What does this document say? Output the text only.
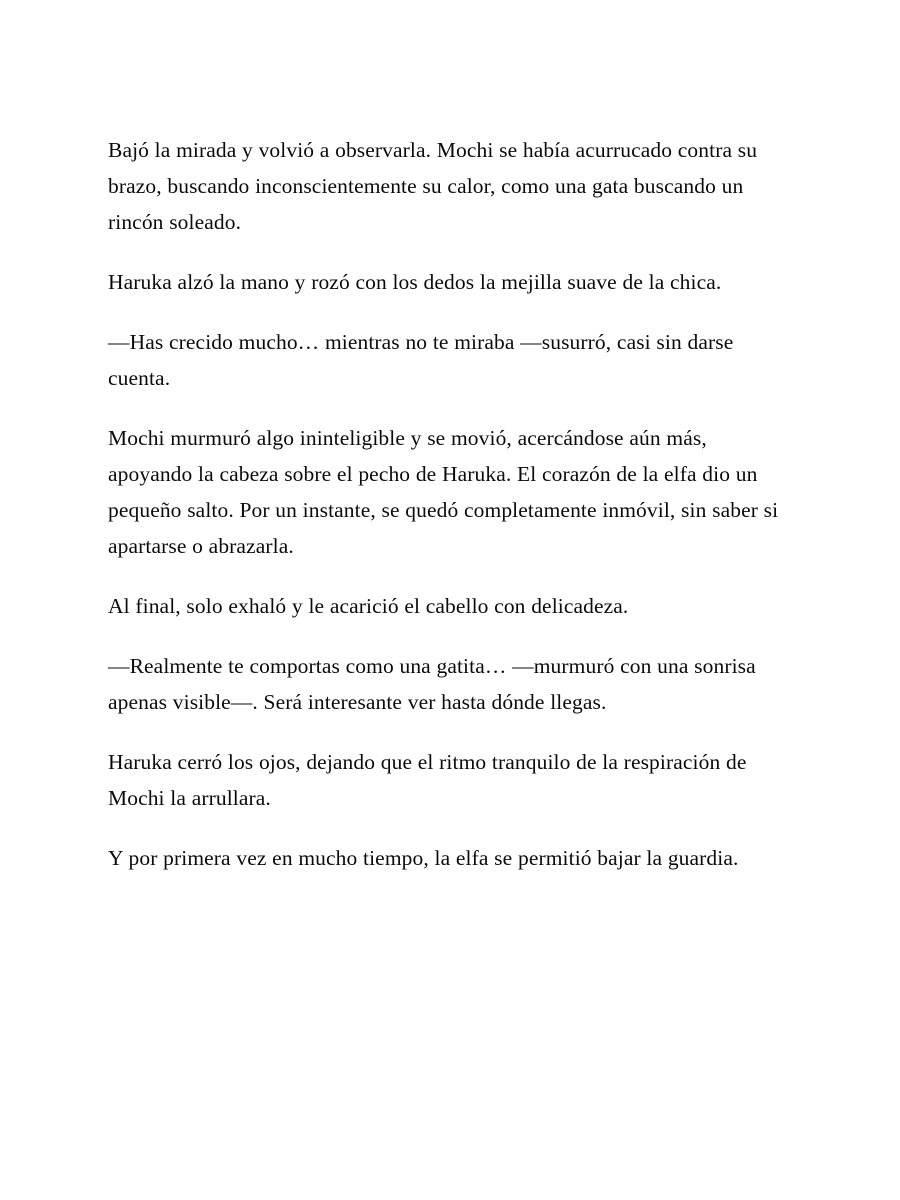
Bajó la mirada y volvió a observarla. Mochi se había acurrucado contra su brazo, buscando inconscientemente su calor, como una gata buscando un rincón soleado.

Haruka alzó la mano y rozó con los dedos la mejilla suave de la chica.

—Has crecido mucho… mientras no te miraba —susurró, casi sin darse cuenta.

Mochi murmuró algo ininteligible y se movió, acercándose aún más, apoyando la cabeza sobre el pecho de Haruka. El corazón de la elfa dio un pequeño salto. Por un instante, se quedó completamente inmóvil, sin saber si apartarse o abrazarla.

Al final, solo exhaló y le acarició el cabello con delicadeza.

—Realmente te comportas como una gatita… —murmuró con una sonrisa apenas visible—. Será interesante ver hasta dónde llegas.

Haruka cerró los ojos, dejando que el ritmo tranquilo de la respiración de Mochi la arrullara.

Y por primera vez en mucho tiempo, la elfa se permitió bajar la guardia.
